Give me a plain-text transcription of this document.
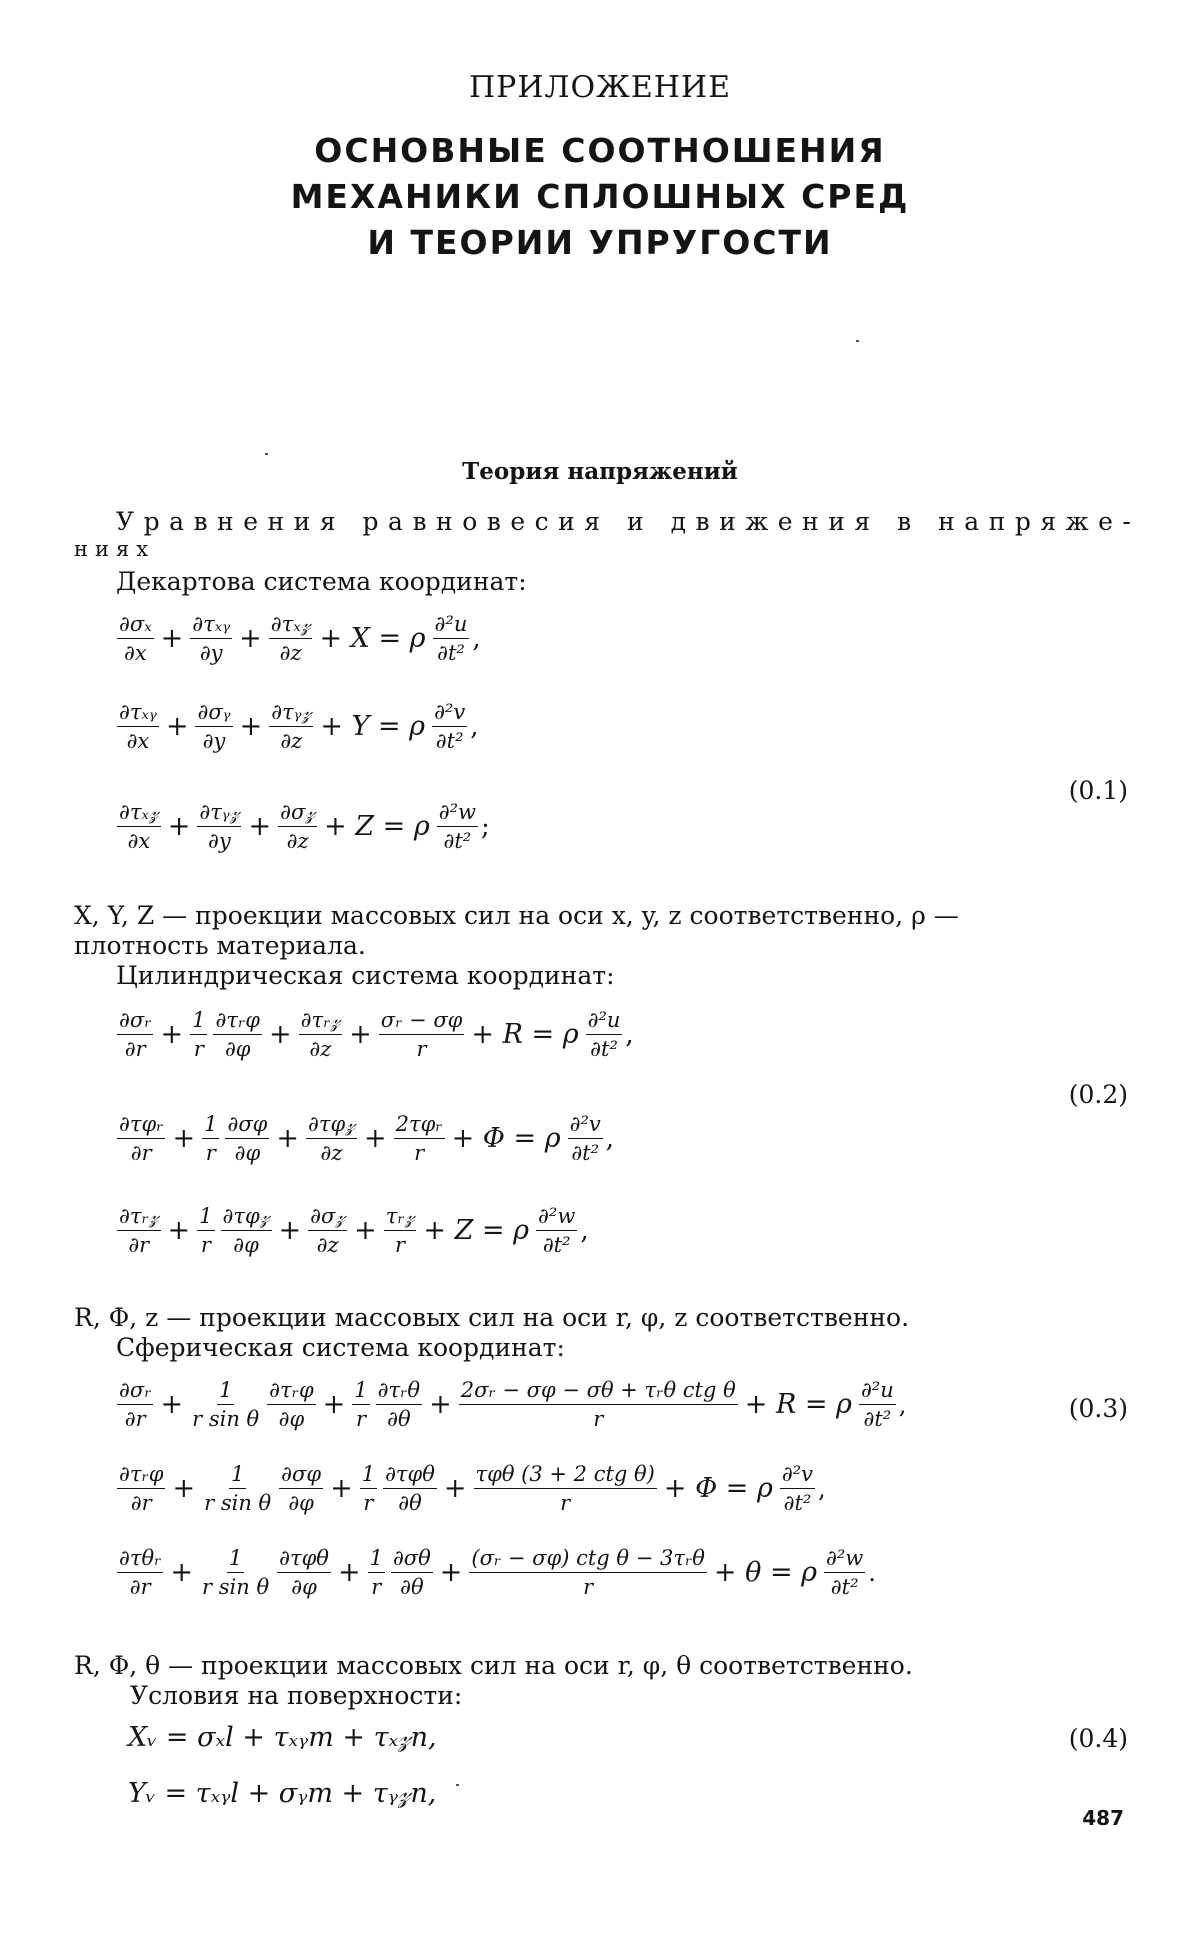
ПРИЛОЖЕНИЕ
ОСНОВНЫЕ СООТНОШЕНИЯ
МЕХАНИКИ СПЛОШНЫХ СРЕД
И ТЕОРИИ УПРУГОСТИ
Теория напряжений
Уравнения равновесия и движения в напряже-
ниях
Декартова система координат:
$\frac{\text{∂σₓ}}{\partial x} + \frac{\text{∂τₓᵧ}}{\partial y} + \frac{\text{∂τₓ𝓏}}{\partial z} + X = \rho \frac{\text{∂²u}}{\text{∂t²}}$ ,
$\frac{\text{∂τₓᵧ}}{\partial x} + \frac{\text{∂σᵧ}}{\partial y} + \frac{\text{∂τᵧ𝓏}}{\partial z} + Y = \rho \frac{\text{∂²v}}{\text{∂t²}}$ ,
$\frac{\text{∂τₓ𝓏}}{\partial x} + \frac{\text{∂τᵧ𝓏}}{\partial y} + \frac{\text{∂σ𝓏}}{\partial z} + Z = \rho \frac{\text{∂²w}}{\text{∂t²}}$ ;
(0.1)
X, Y, Z — проекции массовых сил на оси x, y, z соответственно, ρ —
плотность материала.
Цилиндрическая система координат:
$\frac{\text{∂σᵣ}}{\partial r} + \frac{1}{r} \frac{\text{∂τᵣφ}}{\partial\varphi} + \frac{\text{∂τᵣ𝓏}}{\partial z} + \frac{\text{σᵣ − σφ}}{r} + R = \rho \frac{\text{∂²u}}{\text{∂t²}}$ ,
$\frac{\text{∂τφᵣ}}{\partial r} + \frac{1}{r} \frac{\partial\sigma\varphi}{\partial\varphi} + \frac{\text{∂τφ𝓏}}{\partial z} + \frac{\text{2τφᵣ}}{r} + \Phi = \rho \frac{\text{∂²v}}{\text{∂t²}}$ ,
$\frac{\text{∂τᵣ𝓏}}{\partial r} + \frac{1}{r} \frac{\text{∂τφ𝓏}}{\partial\varphi} + \frac{\text{∂σ𝓏}}{\partial z} + \frac{\text{τᵣ𝓏}}{r} + Z = \rho \frac{\text{∂²w}}{\text{∂t²}}$ ,
(0.2)
R, Φ, z — проекции массовых сил на оси r, φ, z соответственно.
Сферическая система координат:
$\frac{\text{∂σᵣ}}{\partial r} + \frac{1}{\text{r sin θ}} \frac{\text{∂τᵣφ}}{\partial\varphi} + \frac{1}{r} \frac{\text{∂τᵣθ}}{\partial\theta} + \frac{\text{2σᵣ − σφ − σθ + τᵣθ ctg θ}}{r} + R = \rho \frac{\text{∂²u}}{\text{∂t²}}$ ,	(0.3)
$\frac{\text{∂τᵣφ}}{\partial r} + \frac{1}{\text{r sin θ}} \frac{\partial\sigma\varphi}{\partial\varphi} + \frac{1}{r} \frac{\text{∂τφθ}}{\partial\theta} + \frac{\text{τφθ (3 + 2 ctg θ)}}{r} + \Phi = \rho \frac{\text{∂²v}}{\text{∂t²}}$ ,
$\frac{\text{∂τθᵣ}}{\partial r} + \frac{1}{\text{r sin θ}} \frac{\text{∂τφθ}}{\partial\varphi} + \frac{1}{r} \frac{\partial\sigma\theta}{\partial\theta} + \frac{\text{(σᵣ − σφ) ctg θ − 3τᵣθ}}{r} + \theta = \rho \frac{\text{∂²w}}{\text{∂t²}}$ .
R, Φ, θ — проекции массовых сил на оси r, φ, θ соответственно.
Условия на поверхности:
Xᵥ = σₓl + τₓᵧm + τₓ𝓏n,	(0.4)
Yᵥ = τₓᵧl + σᵧm + τᵧ𝓏n,
487
